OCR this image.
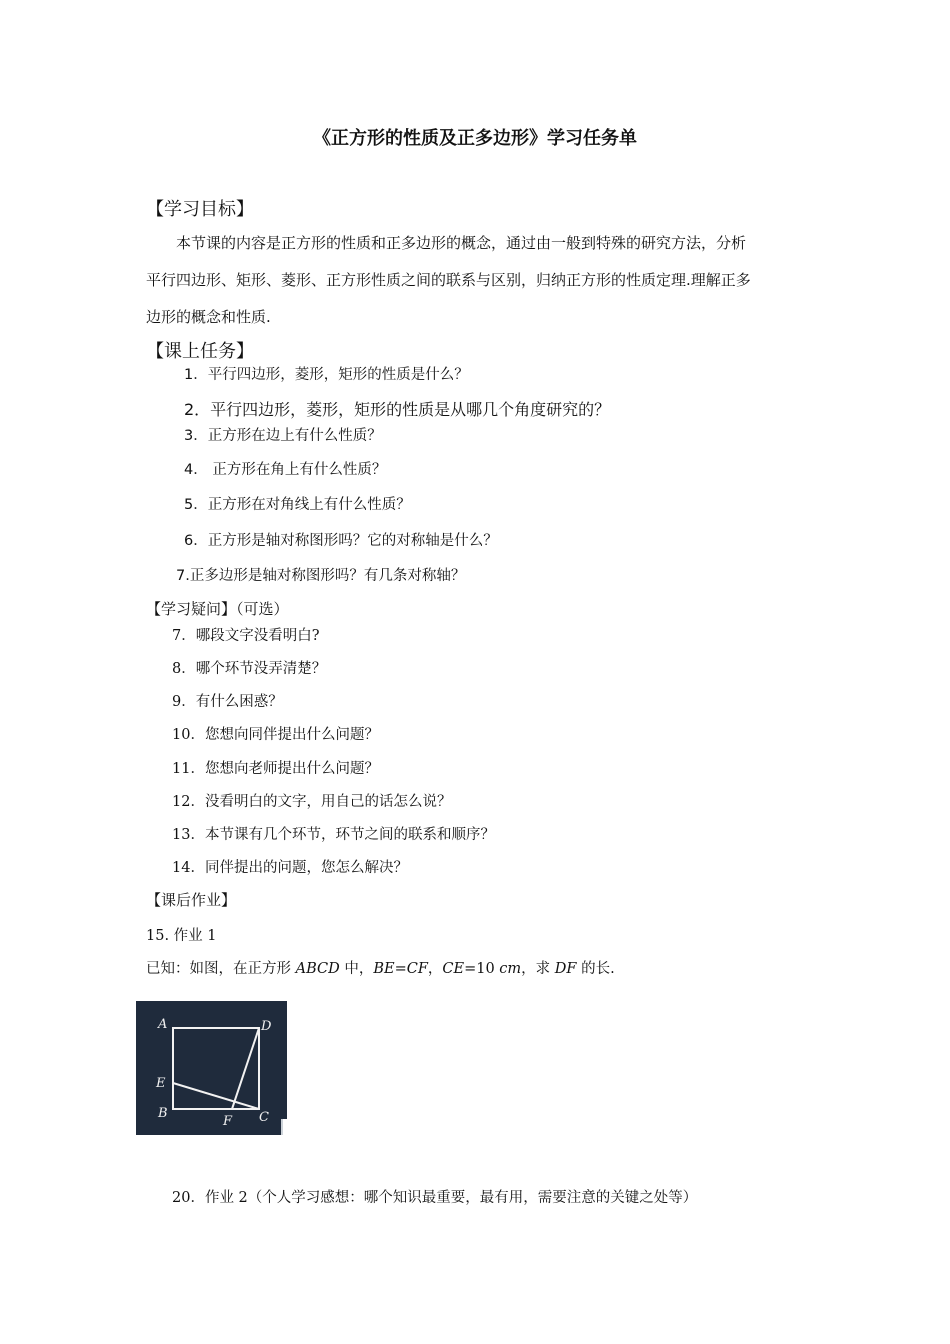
《正方形的性质及正多边形》学习任务单
【学习目标】
本节课的内容是正方形的性质和正多边形的概念，通过由一般到特殊的研究方法，分析
平行四边形、矩形、菱形、正方形性质之间的联系与区别，归纳正方形的性质定理.理解正多
边形的概念和性质.
【课上任务】
1．平行四边形，菱形，矩形的性质是什么？
2．平行四边形，菱形，矩形的性质是从哪几个角度研究的？
3．正方形在边上有什么性质？
4． 正方形在角上有什么性质？
5．正方形在对角线上有什么性质？
6．正方形是轴对称图形吗？它的对称轴是什么？
7.正多边形是轴对称图形吗？有几条对称轴？
【学习疑问】（可选）
7．哪段文字没看明白?
8．哪个环节没弄清楚？
9．有什么困惑？
10．您想向同伴提出什么问题？
11．您想向老师提出什么问题？
12．没看明白的文字，用自己的话怎么说？
13．本节课有几个环节，环节之间的联系和顺序？
14．同伴提出的问题，您怎么解决？
【课后作业】
15. 作业 1
已知：如图，在正方形 ABCD 中，BE=CF，CE=10 cm，求 DF 的长.
A	D
E
B
F C
20．作业 2（个人学习感想：哪个知识最重要，最有用，需要注意的关键之处等）
